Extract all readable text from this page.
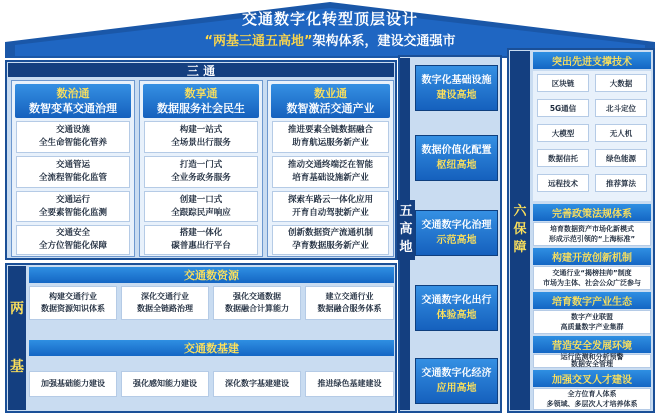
交通数字化转型顶层设计
“两基三通五高地”架构体系，建设交通强市
三 通
数治通
数智变革交通治理
交通设施
全生命智能化管养
交通管运
全流程智能化监管
交通运行
全要素智能化监测
交通安全
全方位智能化保障
数享通
数据服务社会民生
构建一站式
全场景出行服务
打造一门式
全业务政务服务
创建一口式
全跟踪民声响应
搭建一体化
碳普惠出行平台
数业通
数智激活交通产业
推进要素全链数据融合
助育航运服务新产业
推动交通终端泛在智能
培育基础设施新产业
探索车路云一体化应用
开育自动驾驶新产业
创新数据资产流通机制
孕育数据服务新产业
两
基
交通数资源
构建交通行业
数据资源知识体系
深化交通行业
数据全链路治理
强化交通数据
数据融合计算能力
建立交通行业
数据融合服务体系
交通数基建
加强基础能力建设	强化感知能力建设	深化数字基建建设	推进绿色基建建设
五
高
地
数字化基础设施
建设高地
数据价值化配置
枢纽高地
交通数字化治理
示范高地
交通数字化出行
体验高地
交通数字化经济
应用高地
六
保
障
突出先进支撑技术
区块链	大数据
5G通信	北斗定位
大模型	无人机
数据信托	绿色能源
远程技术	推荐算法
完善政策法规体系
培育数据资产市场化新模式
形成示范引领的“上海标准”
构建开放创新机制
交通行业“揭榜挂帅”制度
市场为主体、社会公众广泛参与
培育数字产业生态
数字产业联盟
高质量数字产业集群
营造安全发展环境
运行监测和分析预警
数据安全管理
加强交叉人才建设
全方位育人体系
多领域、多层次人才培养体系
